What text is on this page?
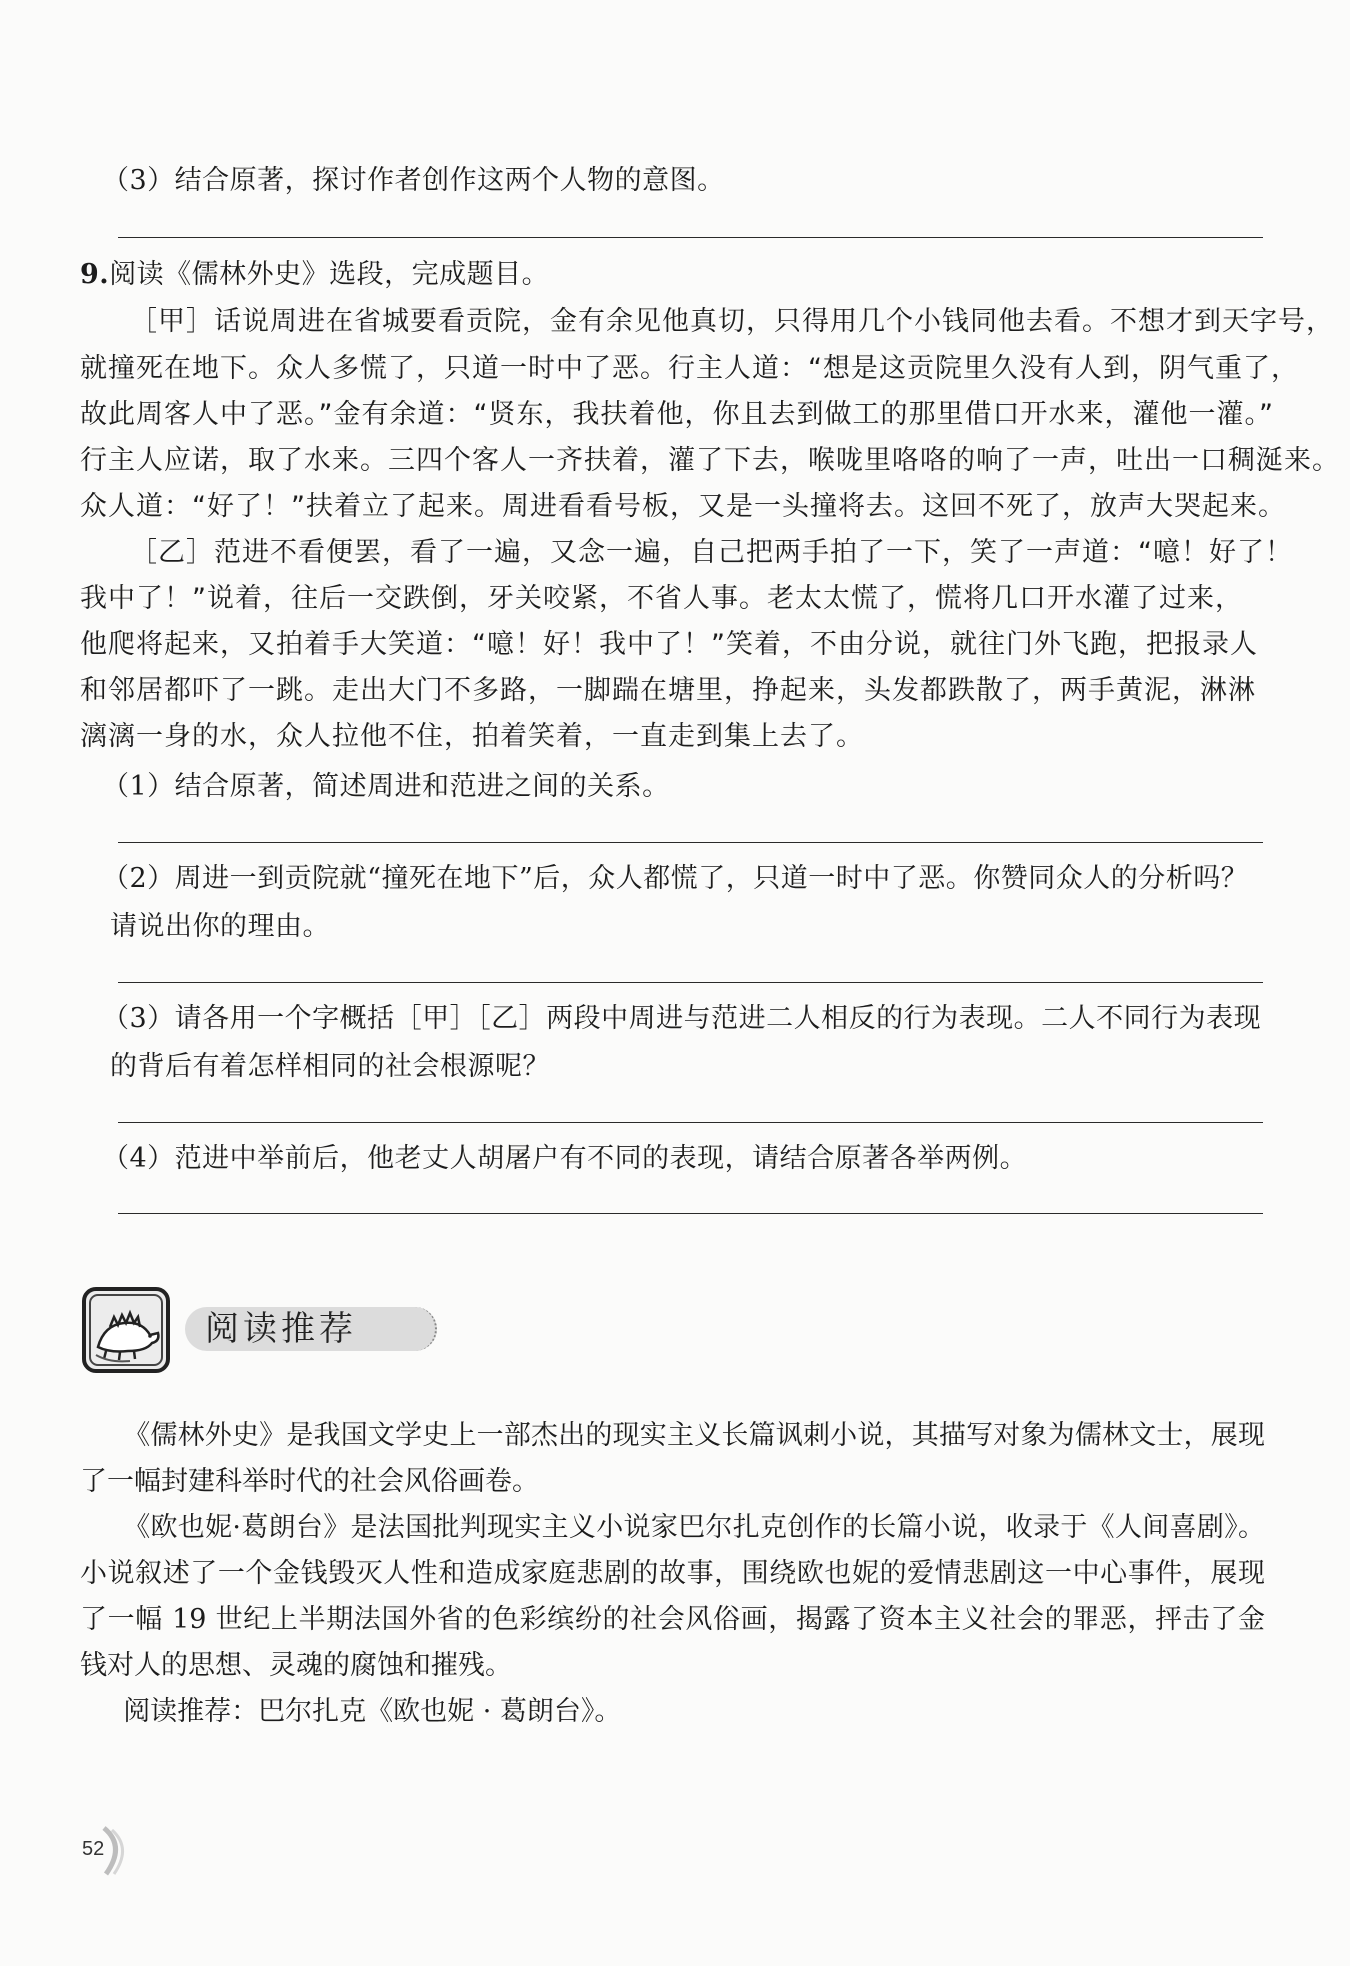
（3）结合原著，探讨作者创作这两个人物的意图。
9.阅读《儒林外史》选段，完成题目。
［甲］话说周进在省城要看贡院，金有余见他真切，只得用几个小钱同他去看。不想才到天字号，
就撞死在地下。众人多慌了，只道一时中了恶。行主人道：“想是这贡院里久没有人到，阴气重了，
故此周客人中了恶。”金有余道：“贤东，我扶着他，你且去到做工的那里借口开水来，灌他一灌。”
行主人应诺，取了水来。三四个客人一齐扶着，灌了下去，喉咙里咯咯的响了一声，吐出一口稠涎来。
众人道：“好了！”扶着立了起来。周进看看号板，又是一头撞将去。这回不死了，放声大哭起来。
［乙］范进不看便罢，看了一遍，又念一遍，自己把两手拍了一下，笑了一声道：“噫！好了！
我中了！”说着，往后一交跌倒，牙关咬紧，不省人事。老太太慌了，慌将几口开水灌了过来，
他爬将起来，又拍着手大笑道：“噫！好！我中了！”笑着，不由分说，就往门外飞跑，把报录人
和邻居都吓了一跳。走出大门不多路，一脚踹在塘里，挣起来，头发都跌散了，两手黄泥，淋淋
漓漓一身的水，众人拉他不住，拍着笑着，一直走到集上去了。
（1）结合原著，简述周进和范进之间的关系。
（2）周进一到贡院就“撞死在地下”后，众人都慌了，只道一时中了恶。你赞同众人的分析吗？
请说出你的理由。
（3）请各用一个字概括［甲］［乙］两段中周进与范进二人相反的行为表现。二人不同行为表现
的背后有着怎样相同的社会根源呢？
（4）范进中举前后，他老丈人胡屠户有不同的表现，请结合原著各举两例。
阅读推荐

《儒林外史》是我国文学史上一部杰出的现实主义长篇讽刺小说，其描写对象为儒林文士，展现了一幅封建科举时代的社会风俗画卷。

《欧也妮·葛朗台》是法国批判现实主义小说家巴尔扎克创作的长篇小说，收录于《人间喜剧》。小说叙述了一个金钱毁灭人性和造成家庭悲剧的故事，围绕欧也妮的爱情悲剧这一中心事件，展现了一幅 19 世纪上半期法国外省的色彩缤纷的社会风俗画，揭露了资本主义社会的罪恶，抨击了金钱对人的思想、灵魂的腐蚀和摧残。

阅读推荐：巴尔扎克《欧也妮 · 葛朗台》。

52
